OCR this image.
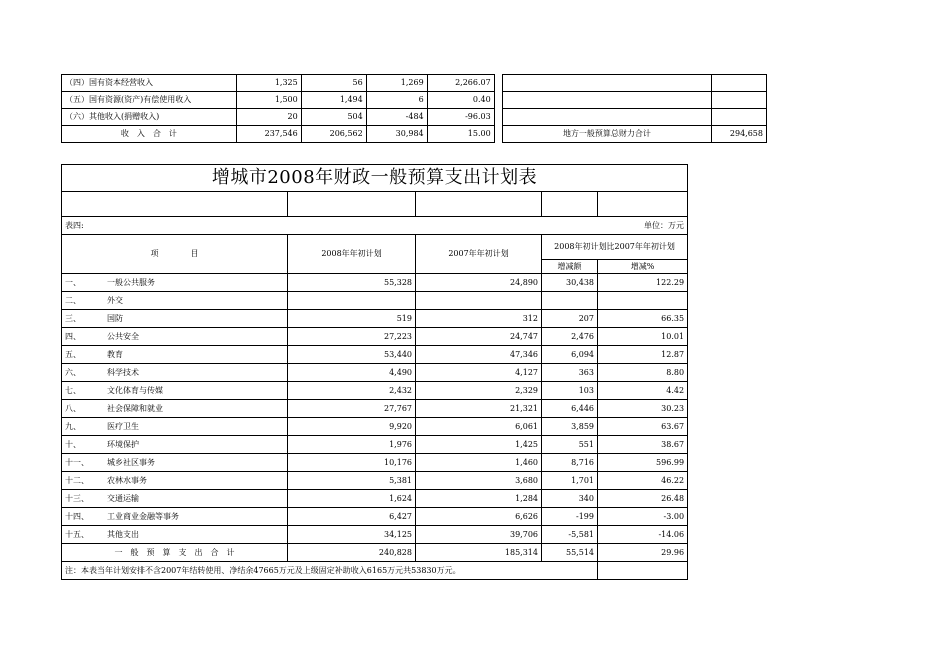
（四）国有资本经营收入	1,325	56	1,269	2,266.07			
（五）国有资源(资产)有偿使用收入	1,500	1,494	6	0.40			
（六）其他收入(捐赠收入)	20	504	-484	-96.03			
收　入　合　计	237,546	206,562	30,984	15.00		地方一般预算总财力合计	294,658
增城市2008年财政一般预算支出计划表				

表四:				单位：万元
项　　　　目	2008年年初计划	2007年年初计划	2008年初计划比2007年年初计划	
			增减额	增减%
一、 一般公共服务	55,328	24,890	30,438	122.29
二、 外交				
三、 国防	519	312	207	66.35
四、 公共安全	27,223	24,747	2,476	10.01
五、 教育	53,440	47,346	6,094	12.87
六、 科学技术	4,490	4,127	363	8.80
七、 文化体育与传媒	2,432	2,329	103	4.42
八、 社会保障和就业	27,767	21,321	6,446	30.23
九、 医疗卫生	9,920	6,061	3,859	63.67
十、 环境保护	1,976	1,425	551	38.67
十一、 城乡社区事务	10,176	1,460	8,716	596.99
十二、 农林水事务	5,381	3,680	1,701	46.22
十三、 交通运输	1,624	1,284	340	26.48
十四、 工业商业金融等事务	6,427	6,626	-199	-3.00
十五、 其他支出	34,125	39,706	-5,581	-14.06
一　般　预　算　支　出　合　计	240,828	185,314	55,514	29.96
注：本表当年计划安排不含2007年结转使用、净结余47665万元及上级固定补助收入6165万元共53830万元。				
